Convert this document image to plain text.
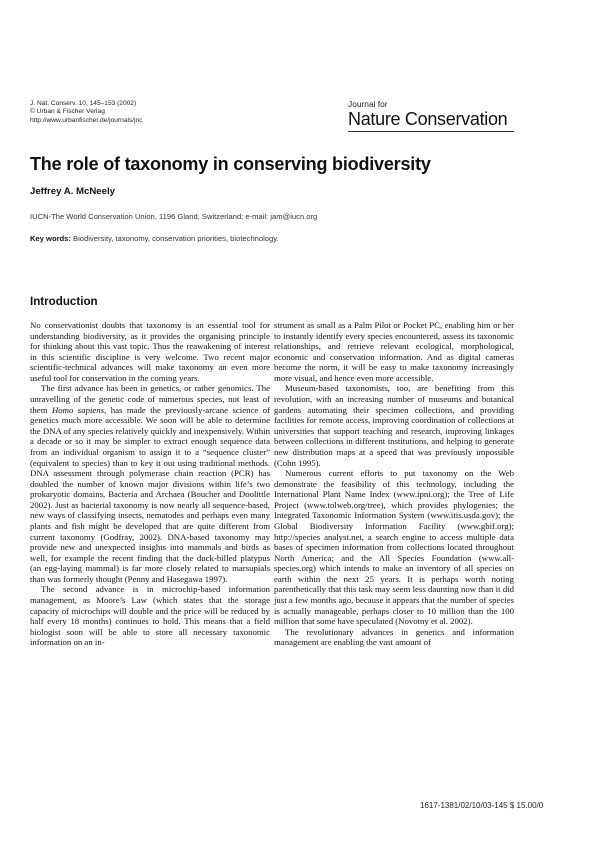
J. Nat. Conserv. 10, 145–153 (2002)
© Urban & Fischer Verlag
http://www.urbanfischer.de/journals/jnc
Journal for
Nature Conservation
The role of taxonomy in conserving biodiversity

Jeffrey A. McNeely

IUCN-The World Conservation Union, 1196 Gland, Switzerland; e-mail: jam@iucn.org

Key words: Biodiversity, taxonomy, conservation priorities, biotechnology.

Introduction

No conservationist doubts that taxonomy is an essential tool for understanding biodiversity, as it provides the organising principle for thinking about this vast topic. Thus the reawakening of interest in this scientific discipline is very welcome. Two recent major scientific-technical advances will make taxonomy an even more useful tool for conservation in the coming years.

The first advance has been in genetics, or rather genomics. The unravelling of the genetic code of numerous species, not least of them Homo sapiens, has made the previously-arcane science of genetics much more accessible. We soon will be able to determine the DNA of any species relatively quickly and inexpensively. Within a decade or so it may be simpler to extract enough sequence data from an individual organism to assign it to a “sequence cluster” (equivalent to species) than to key it out using traditional methods. DNA assessment through polymerase chain reaction (PCR) has doubled the number of known major divisions within life’s two prokaryotic domains, Bacteria and Archaea (Boucher and Doolittle 2002). Just as bacterial taxonomy is now nearly all sequence-based, new ways of classifying insects, nematodes and perhaps even many plants and fish might be developed that are quite different from current taxonomy (Godfray, 2002). DNA-based taxonomy may provide new and unexpected insights into mammals and birds as well, for example the recent finding that the duck-billed platypus (an egg-laying mammal) is far more closely related to marsupials than was formerly thought (Penny and Hasegawa 1997).

The second advance is in microchip-based information management, as Moore’s Law (which states that the storage capacity of microchips will double and the price will be reduced by half every 18 months) continues to hold. This means that a field biologist soon will be able to store all necessary taxonomic information on an in-

strument as small as a Palm Pilot or Pocket PC, enabling him or her to instantly identify every species encountered, assess its taxonomic relationships, and retrieve relevant ecological, morphological, economic and conservation information. And as digital cameras become the norm, it will be easy to make taxonomy increasingly more visual, and hence even more accessible.

Museum-based taxonomists, too, are benefiting from this revolution, with an increasing number of museums and botanical gardens automating their specimen collections, and providing facilities for remote access, improving coordination of collections at universities that support teaching and research, improving linkages between collections in different institutions, and helping to generate new distribution maps at a speed that was previously impossible (Cohn 1995).

Numerous current efforts to put taxonomy on the Web demonstrate the feasibility of this technology, including the International Plant Name Index (www.ipni.org); the Tree of Life Project (www.tolweb.org/tree), which provides phylogenies; the Integrated Taxonomic Information System (www.itis.usda.gov); the Global Biodiversity Information Facility (www.gbif.org); http://species analyst.net, a search engine to access multiple data bases of specimen information from collections located throughout North America; and the All Species Foundation (www.all-species.org) which intends to make an inventory of all species on earth within the next 25 years. It is perhaps worth noting parenthetically that this task may seem less daunting now than it did just a few months ago, because it appears that the number of species is actually manageable, perhaps closer to 10 million than the 100 million that some have speculated (Novotny et al. 2002).

The revolutionary advances in genetics and information management are enabling the vast amount of

1617-1381/02/10/03-145 $ 15.00/0
